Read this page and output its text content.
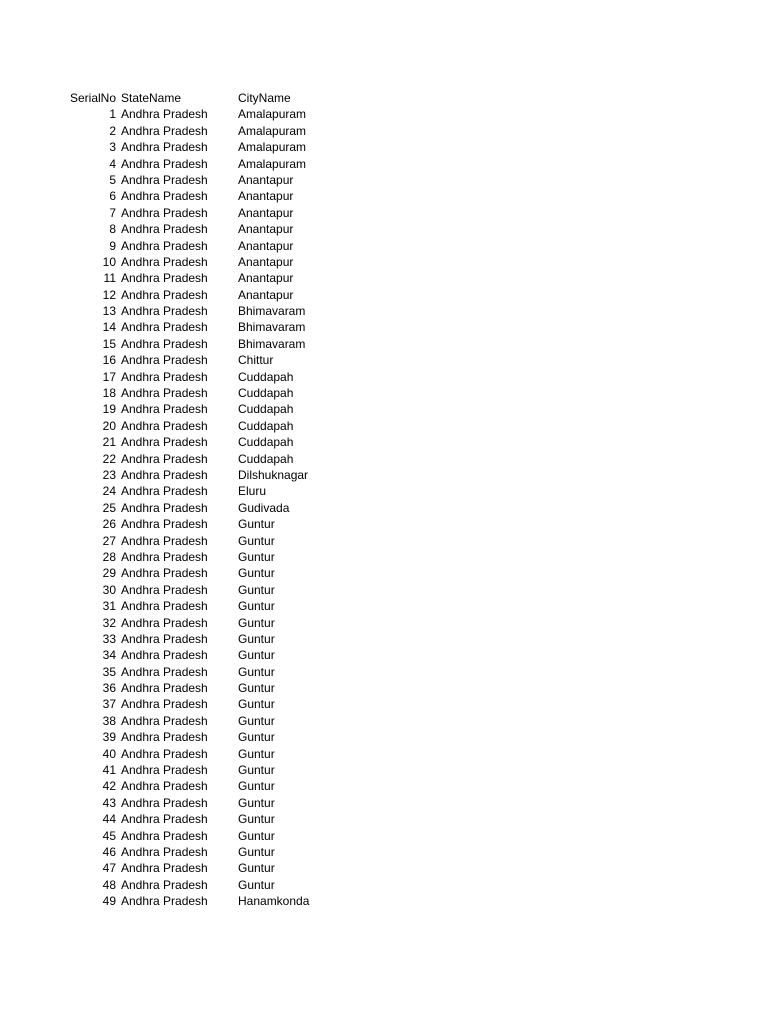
SerialNo StateName	CityName
1 Andhra Pradesh	Amalapuram
2 Andhra Pradesh	Amalapuram
3 Andhra Pradesh	Amalapuram
4 Andhra Pradesh	Amalapuram
5 Andhra Pradesh	Anantapur
6 Andhra Pradesh	Anantapur
7 Andhra Pradesh	Anantapur
8 Andhra Pradesh	Anantapur
9 Andhra Pradesh	Anantapur
10 Andhra Pradesh	Anantapur
11 Andhra Pradesh	Anantapur
12 Andhra Pradesh	Anantapur
13 Andhra Pradesh	Bhimavaram
14 Andhra Pradesh	Bhimavaram
15 Andhra Pradesh	Bhimavaram
16 Andhra Pradesh	Chittur
17 Andhra Pradesh	Cuddapah
18 Andhra Pradesh	Cuddapah
19 Andhra Pradesh	Cuddapah
20 Andhra Pradesh	Cuddapah
21 Andhra Pradesh	Cuddapah
22 Andhra Pradesh	Cuddapah
23 Andhra Pradesh	Dilshuknagar
24 Andhra Pradesh	Eluru
25 Andhra Pradesh	Gudivada
26 Andhra Pradesh	Guntur
27 Andhra Pradesh	Guntur
28 Andhra Pradesh	Guntur
29 Andhra Pradesh	Guntur
30 Andhra Pradesh	Guntur
31 Andhra Pradesh	Guntur
32 Andhra Pradesh	Guntur
33 Andhra Pradesh	Guntur
34 Andhra Pradesh	Guntur
35 Andhra Pradesh	Guntur
36 Andhra Pradesh	Guntur
37 Andhra Pradesh	Guntur
38 Andhra Pradesh	Guntur
39 Andhra Pradesh	Guntur
40 Andhra Pradesh	Guntur
41 Andhra Pradesh	Guntur
42 Andhra Pradesh	Guntur
43 Andhra Pradesh	Guntur
44 Andhra Pradesh	Guntur
45 Andhra Pradesh	Guntur
46 Andhra Pradesh	Guntur
47 Andhra Pradesh	Guntur
48 Andhra Pradesh	Guntur
49 Andhra Pradesh	Hanamkonda
